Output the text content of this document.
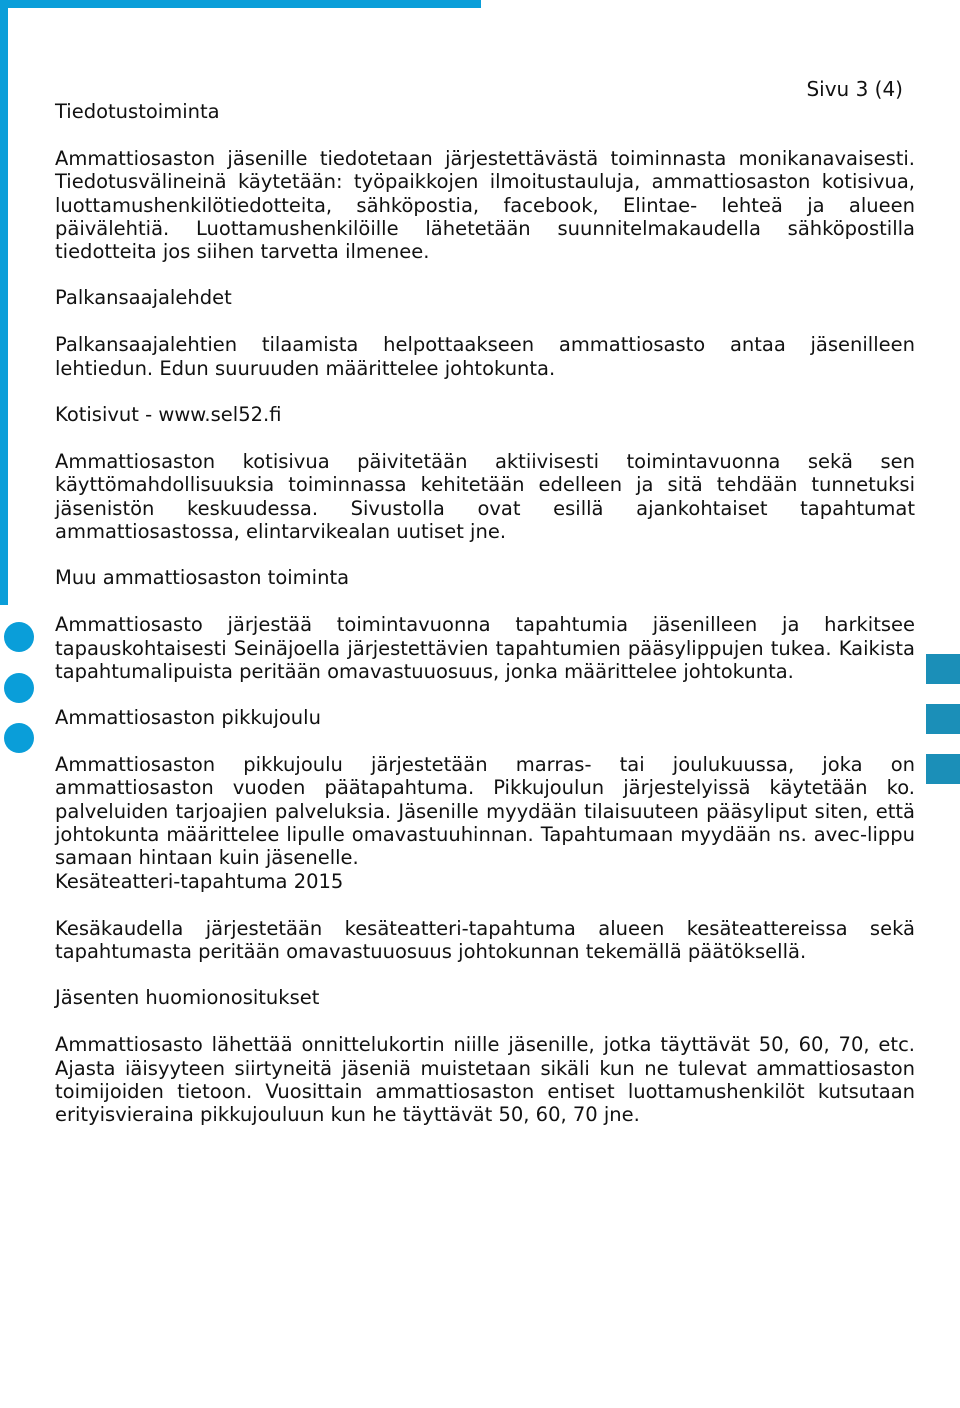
Sivu 3 (4)

Tiedotustoiminta

Ammattiosaston jäsenille tiedotetaan järjestettävästä toiminnasta monikanavaisesti. Tiedotusvälineinä käytetään: työpaikkojen ilmoitustauluja, ammattiosaston kotisivua, luottamushenkilötiedotteita, sähköpostia, facebook, Elintae- lehteä ja alueen päivälehtiä. Luottamushenkilöille lähetetään suunnitelmakaudella sähköpostilla tiedotteita jos siihen tarvetta ilmenee.

Palkansaajalehdet

Palkansaajalehtien tilaamista helpottaakseen ammattiosasto antaa jäsenilleen lehtiedun. Edun suuruuden määrittelee johtokunta.

Kotisivut - www.sel52.fi

Ammattiosaston kotisivua päivitetään aktiivisesti toimintavuonna sekä sen käyttömahdollisuuksia toiminnassa kehitetään edelleen ja sitä tehdään tunnetuksi jäsenistön keskuudessa. Sivustolla ovat esillä ajankohtaiset tapahtumat ammattiosastossa, elintarvikealan uutiset jne.

Muu ammattiosaston toiminta

Ammattiosasto järjestää toimintavuonna tapahtumia jäsenilleen ja harkitsee tapauskohtaisesti Seinäjoella järjestettävien tapahtumien pääsylippujen tukea. Kaikista tapahtumalipuista peritään omavastuuosuus, jonka määrittelee johtokunta.

Ammattiosaston pikkujoulu

Ammattiosaston pikkujoulu järjestetään marras- tai joulukuussa, joka on ammattiosaston vuoden päätapahtuma. Pikkujoulun järjestelyissä käytetään ko. palveluiden tarjoajien palveluksia. Jäsenille myydään tilaisuuteen pääsyliput siten, että johtokunta määrittelee lipulle omavastuuhinnan. Tapahtumaan myydään ns. avec-lippu samaan hintaan kuin jäsenelle.

Kesäteatteri-tapahtuma 2015

Kesäkaudella järjestetään kesäteatteri-tapahtuma alueen kesäteattereissa sekä tapahtumasta peritään omavastuuosuus johtokunnan tekemällä päätöksellä.

Jäsenten huomionositukset

Ammattiosasto lähettää onnittelukortin niille jäsenille, jotka täyttävät 50, 60, 70, etc. Ajasta iäisyyteen siirtyneitä jäseniä muistetaan sikäli kun ne tulevat ammattiosaston toimijoiden tietoon. Vuosittain ammattiosaston entiset luottamushenkilöt kutsutaan erityisvieraina pikkujouluun kun he täyttävät 50, 60, 70 jne.
